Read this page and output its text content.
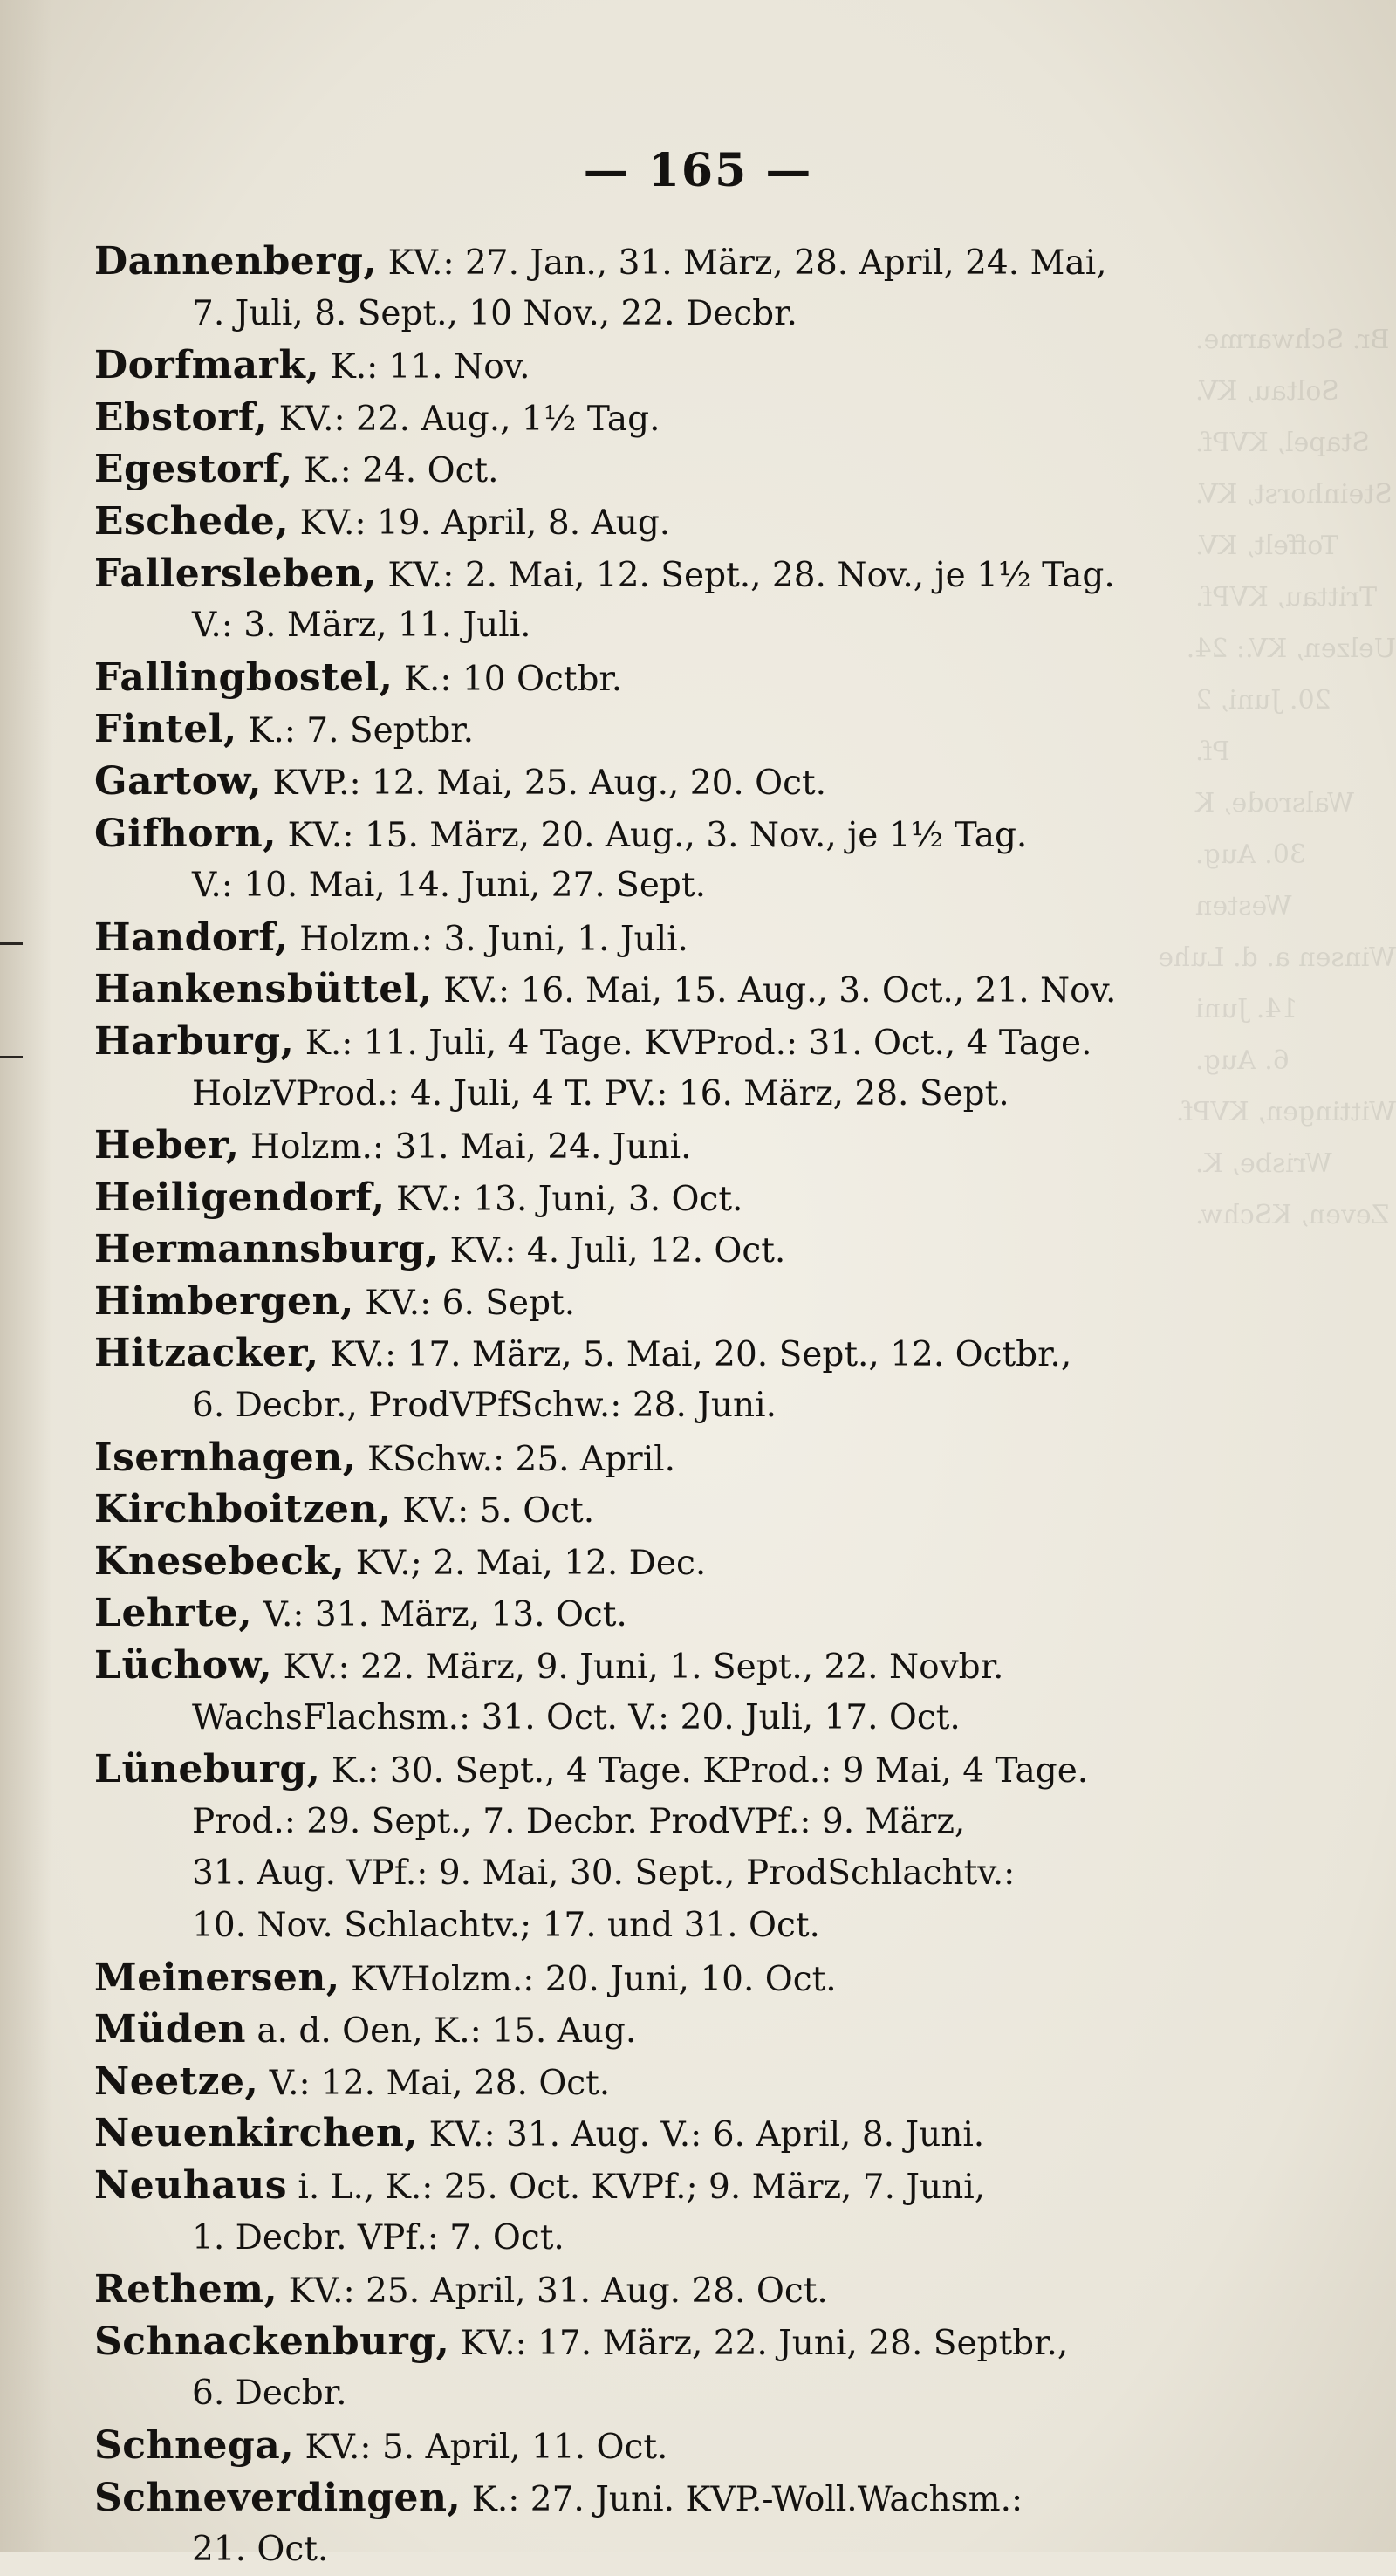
Br. Schwarme.
Soltau, KV.
Stapel, KVPf.
Steinhorst, KV.
Toffelt, KV.
Trittau, KVPf.
Uelzen, KV.: 24.
20. Juni, 2
Pf.
Walsrode, K
30. Aug.
Westen
Winsen a. d. Luhe
14. Juni
6. Aug.
Wittingen, KVPf.
Wrisbe, K.
Zeven, KSchw.
— 165 —
Dannenberg, KV.: 27. Jan., 31. März, 28. April, 24. Mai,
7. Juli, 8. Sept., 10 Nov., 22. Decbr.
Dorfmark, K.: 11. Nov.
Ebstorf, KV.: 22. Aug., 1½ Tag.
Egestorf, K.: 24. Oct.
Eschede, KV.: 19. April, 8. Aug.
Fallersleben, KV.: 2. Mai, 12. Sept., 28. Nov., je 1½ Tag.
V.: 3. März, 11. Juli.
Fallingbostel, K.: 10 Octbr.
Fintel, K.: 7. Septbr.
Gartow, KVP.: 12. Mai, 25. Aug., 20. Oct.
Gifhorn, KV.: 15. März, 20. Aug., 3. Nov., je 1½ Tag.
V.: 10. Mai, 14. Juni, 27. Sept.
Handorf, Holzm.: 3. Juni, 1. Juli.
Hankensbüttel, KV.: 16. Mai, 15. Aug., 3. Oct., 21. Nov.
Harburg, K.: 11. Juli, 4 Tage. KVProd.: 31. Oct., 4 Tage.
HolzVProd.: 4. Juli, 4 T. PV.: 16. März, 28. Sept.
Heber, Holzm.: 31. Mai, 24. Juni.
Heiligendorf, KV.: 13. Juni, 3. Oct.
Hermannsburg, KV.: 4. Juli, 12. Oct.
Himbergen, KV.: 6. Sept.
Hitzacker, KV.: 17. März, 5. Mai, 20. Sept., 12. Octbr.,
6. Decbr., ProdVPfSchw.: 28. Juni.
Isernhagen, KSchw.: 25. April.
Kirchboitzen, KV.: 5. Oct.
Knesebeck, KV.; 2. Mai, 12. Dec.
Lehrte, V.: 31. März, 13. Oct.
Lüchow, KV.: 22. März, 9. Juni, 1. Sept., 22. Novbr.
WachsFlachsm.: 31. Oct. V.: 20. Juli, 17. Oct.
Lüneburg, K.: 30. Sept., 4 Tage. KProd.: 9 Mai, 4 Tage.
Prod.: 29. Sept., 7. Decbr. ProdVPf.: 9. März,
31. Aug. VPf.: 9. Mai, 30. Sept., ProdSchlachtv.:
10. Nov. Schlachtv.; 17. und 31. Oct.
Meinersen, KVHolzm.: 20. Juni, 10. Oct.
Müden a. d. Oen, K.: 15. Aug.
Neetze, V.: 12. Mai, 28. Oct.
Neuenkirchen, KV.: 31. Aug. V.: 6. April, 8. Juni.
Neuhaus i. L., K.: 25. Oct. KVPf.; 9. März, 7. Juni,
1. Decbr. VPf.: 7. Oct.
Rethem, KV.: 25. April, 31. Aug. 28. Oct.
Schnackenburg, KV.: 17. März, 22. Juni, 28. Septbr.,
6. Decbr.
Schnega, KV.: 5. April, 11. Oct.
Schneverdingen, K.: 27. Juni. KVP.-Woll.Wachsm.:
21. Oct.
